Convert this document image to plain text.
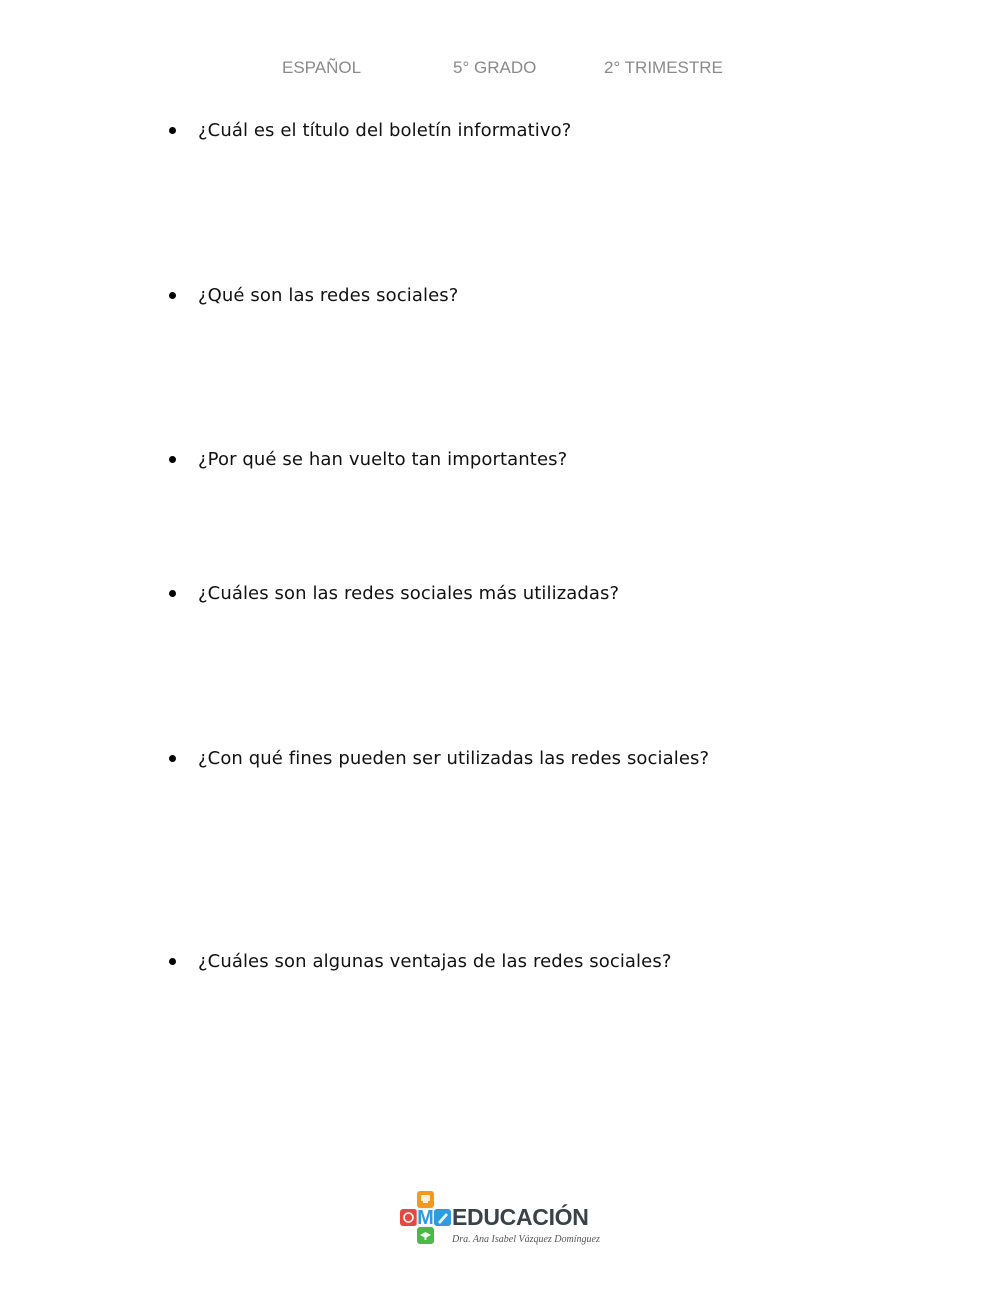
ESPAÑOL	5° GRADO	2° TRIMESTRE
¿Cuál es el título del boletín informativo?
¿Qué son las redes sociales?
¿Por qué se han vuelto tan importantes?
¿Cuáles son las redes sociales más utilizadas?
¿Con qué fines pueden ser utilizadas las redes sociales?
¿Cuáles son algunas ventajas de las redes sociales?
M EDUCACIÓN
Dra. Ana Isabel Vázquez Domínguez
